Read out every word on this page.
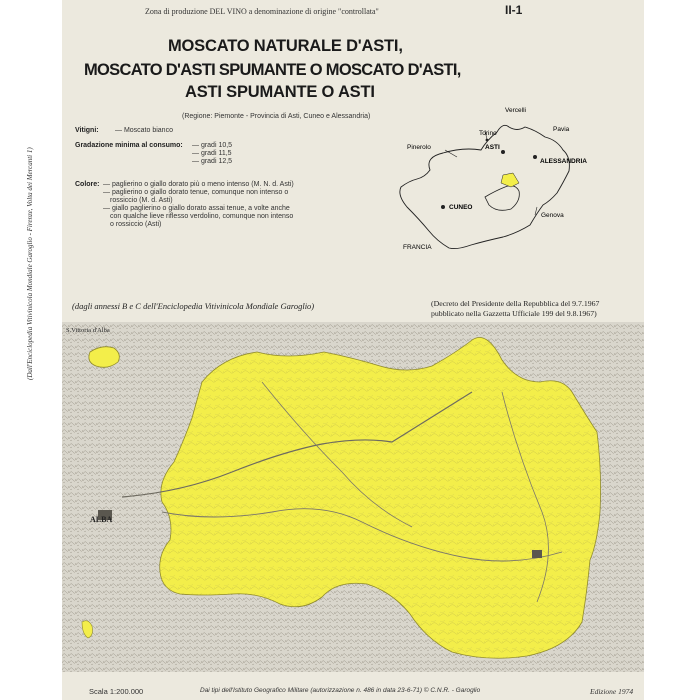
Zona di produzione DEL VINO a denominazione di origine "controllata"	II-1
MOSCATO NATURALE D'ASTI,
MOSCATO D'ASTI SPUMANTE O MOSCATO D'ASTI,
ASTI SPUMANTE O ASTI
(Regione: Piemonte - Provincia di Asti, Cuneo e Alessandria)
Vitigni: — Moscato bianco
Gradazione minima al consumo: — gradi 10,5
— gradi 11,5
— gradi 12,5
Colore: — paglierino o giallo dorato più o meno intenso (M. N. d. Asti)
— paglierino o giallo dorato tenue, comunque non intenso o
rossiccio (M. d. Asti)
— giallo paglierino o giallo dorato assai tenue, a volte anche
con qualche lieve riflesso verdolino, comunque non intenso
o rossiccio (Asti)
Vercelli
Torino
ASTI
Pavia
Pinerolo
ALESSANDRIA
CUNEO
Genova
FRANCIA
(dagli annessi B e C dell'Enciclopedia Vitivinicola Mondiale Garoglio)	(Decreto del Presidente della Repubblica del 9.7.1967
pubblicato nella Gazzetta Ufficiale 199 del 9.8.1967)
S.Vittoria d'Alba
ALBA
(Dall'Enciclopedia Vitivinicola Mondiale Garoglio - Firenze, Volta dei Mercanti 1)
Scala 1:200.000	Dai tipi dell'Istituto Geografico Militare (autorizzazione n. 486 in data 23-6-71) © C.N.R. - Garoglio	Edizione 1974
